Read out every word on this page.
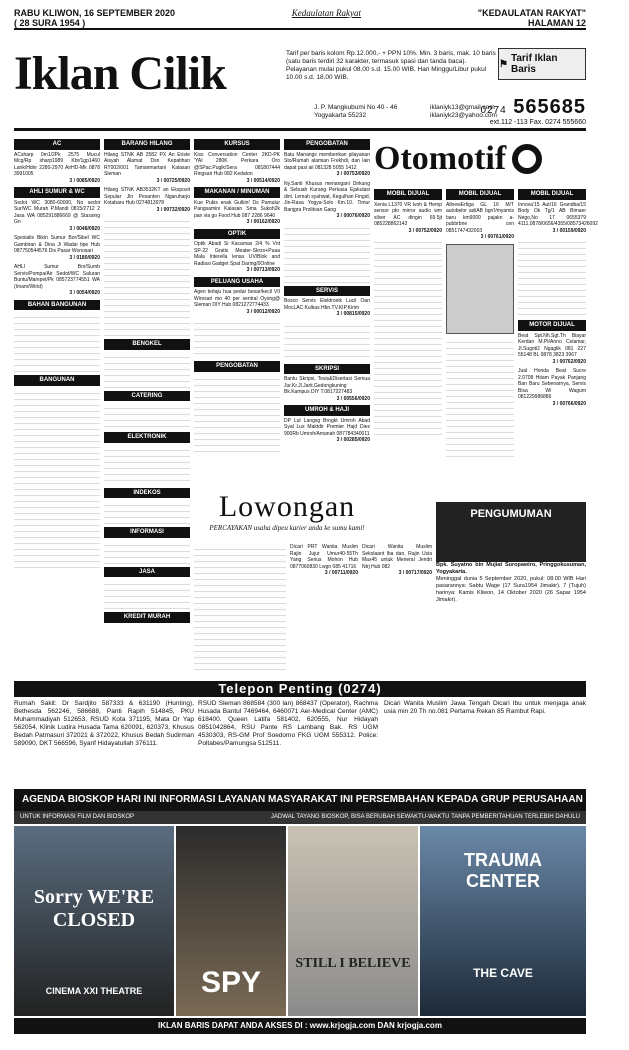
RABU KLIWON, 16 SEPTEMBER 2020
( 28 SURA 1954 )
Kedaulatan Rakyat	"KEDAULATAN RAKYAT"
HALAMAN 12
Iklan Cilik	Tarif per baris kolom Rp.12.000,- + PPN 10%. Min. 3 baris, mak. 10 baris (satu baris terdiri 32 karakter, termasuk spasi dan tanda baca). Pelayanan mulai pukul 08.00 s.d. 15.00 WIB. Hari Minggu/Libur pukul 10.00 s.d. 18.00 WIB.
⚑ Tarif Iklan Baris
J. P. Mangkubumi No 40 - 46
Yogyakarta 55232
iklaniyk13@gmail.com
iklaniyk23@yahoo.com
0274 565685
ext.112 -113 Fax. 0274 555660
AC
ACsharp 0m1/2Pk 2575 Mucul Mcg/Rp sharp1989 Kbr/1gp1460 Lank/Hdnr 2280-2970 AirHD-Mk 0878 3991005
3 / 0085/0920
AHLI SUMUR & WC
Sedot WC 3080-60000, No sedot Sur/WC Murah P.Mandi 0815/2712 2 Jasa WA 085291886669 @ Stassing Gn
3 / 0048/0920
Spesialis Bikin Sumur Bor/Sibel WC Gambiran & Dina Ji Wadai tipe Hub 087750544576 Dis Pasar Wonosari
3 / 0180/0920
AHLI Sumur Bor/Sumb Servis/Pompa/Air Sedot/WC Saluran Buntu/Mampet/Pk 085723774551 WA (Imam/Wirid)
3 / 0054/0920
BAHAN BANGUNAN
BANGUNAN
BARANG HILANG
Hilang STNK AB 2582 PX An Eriste Aisyah Alamat Dsn Kepatihan RT002/001 Tamanmartani Kalasan Sleman
3 / 00725/0920
Hilang STNK AB3532KT an Eksposit Sepular Jln Pesanten Ngaruharjo Kotabaru Hub 0274813978
3 / 00732/0920
BENGKEL
CATERING
ELEKTRONIK
INDEKOS
INFORMASI
JASA
KREDIT MURAH
KURSUS
Kiss Conversation Center 2KD-PK 'YAI 280K Perkara Oro @SPac.Pugik/Sera 081807444 Ringsari Hub 082 Kedaton
3 / 00514/0920
MAKANAN / MINUMAN
Kue Pukis enak Gulkin! Ds Pamulur Pangsamini Kalasan Sma Sukoh2k pan via go Food Hub 087 2286 9640
3 / 00162/0920
OPTIK
Optik Abadi Si Kacamas 2/4 % Vnt SP-22 Gratis Meater-Skrzo+Puaa Mala Interella lensa UV/Blok and Radiasi Gadget Spat Daring/0Online
3 / 00713/0920
PELUANG USAHA
Agen terlaju hua pedar besar/kecil VII Wirosari mo 40 per sentral Oyong@ Sleman DIY Hub 0821272774433
3 / 00012/0920
PENGOBATAN
PENGOBATAN
Batu Manangs memberikan pilayanan Sto/Rumah alamian Frekhdi, dan lain dapat pasi ail 081328 5055 1412
3 / 00753/0920
Ny.Santi Khusus menangani Dirkung & Sebuah Kurang Perkasa Ejakulasi dini. Lemah syahwat, Kegulhan Fingid, Jin-Rasa Yogya-Solo Km.10. Timur Banjgra Prolitoan Gang
3 / 00076/0920
SERVIS
Bosco Servis Elektronik Lucil Oan MocLAC Kulkas Hbn.TV.KIP.Kirim
3 / 00815/0920
SKRIPSI
Bantu Skripsi, Tesis&Disertasi Semua Jur.Kr.Jl.Jarit,Gedongkuning Bk.Kampus DIY T.0817227483
3 / 00556/0920
UMROH & HAJI
DP Lut Langsg Brngkt Umroh Abad Syal Lux Maktdir Premier Hajd Diex 900Rb Umroh/Amanah 087784340011
3 / 00285/0920
Otomotif
MOBIL DIJUAL
Xenia L1370 VR Ivoh & Hemp sensor pkr mirror audio wm silver AC dingin 69.5jt 085228862142
3 / 00752/0920
MOBIL DIJUAL
AllnewErtiga GL 16 M/T autobelor asliAB bgn'l/myamis baru km9000 pajakn a-pubbrbne cen 0851747432003
3 / 00761/0920
MOBIL DIJUAL
Innova'15 Aut/16 Grandba/15 Body Ok Tg/1 AB Bimaer Nego,No 17 0655379 4111,0878/0656/4355/08573426092
3 / 00159/0920
MOTOR DIJUAL
Beat Spt.Nh.Sgt.Th Biayar Kerdan M.Pt/Anno Celamar, Jl.Sugoti2 Ngaglik 081 227 55148 BL 0878 3823 3967
3 / 00762/0920
Jual Honda Beat Sucre 2.0708 Hitam Payak Panjang Ban Baru Sebenarnya, Servis Bisa Wi Wagum 081229986886
3 / 00766/0920
Lowongan
PERCAYAKAN usaha dipeu karier anda ke sumu kami!
Dicari PRT Wanita Muslim Rajin Jujur Umur40-55Th Yang Serius Mohon Hub 0877060830 Lwgn 085 41716
3 / 00711/0920
Dicari Wanita Muslim Sekolaant lba dan, Rajin Usia Max45 untuk Meneral Jendri Ntrj Hub 082
3 / 00717/0920
PENGUMUMAN
Bpk. Suyatno bin Mujiat Suropawiro, Pringgokusuman, Yogyakarta.
Meninggal dunia 5 September 2020, pukul: 08.00 WIB Hari pasarannya: Sabtu Wage (17 Sura1954 Jimakir). 7 (Tujuh) harinya: Kamis Kliwon, 14 Oktober 2020 (26 Sapar 1954 Jimakir).
Telepon Penting (0274)
Rumah Sakit: Dr Sardjito 587333 & 631190 (Hunting), Bethesda 562246, 586688, Panti Rapih 514845, PKU Muhammadiyah 512653, RSUD Kota 371195, Mata Dr Yap 562054, Klinik Ludira Husada Tama 620091, 620373, Khusus Bedah Patmasuri 372021 & 372022, Khusus Bedah Sudirman 589090, DKT 566596, Syarif Hidayatullah 376111.
RSUD Sleman 868584 (300 lan) 868437 (Operator), Rachma Husada Bantul 7469464, 6460071 Aer-Medical Center (AMC) 618400. Queen Latifa 581402, 620555, Nur Hidayah 0851042864, RSU Pante RS Lambang Bak. RS UGM 4530303, RS-GM Prof Soedomo FKG UGM 555312. Police: Poltabes/Pamungsa 512511.
Dicari Wanita Muslim Jawa Tengah Dicari Ibu untuk menjaga anak usia min 20 Th no.081 Pertama Rekan 85 Rambut Rapi.
AGENDA BIOSKOP HARI INI INFORMASI LAYANAN MASYARAKAT INI PERSEMBAHAN KEPADA GRUP PERUSAHAAN DENGAN
UNTUK INFORMASI FILM DAN BIOSKOP	JADWAL TAYANG BIOSKOP, BISA BERUBAH SEWAKTU-WAKTU TANPA PEMBERITAHUAN TERLEBIH DAHULU
Sorry WE'RE CLOSED
CINEMA XXI THEATRE	SPY
STILL I BELIEVE
TRAUMA CENTER
THE CAVE
IKLAN BARIS DAPAT ANDA AKSES DI : www.krjogja.com DAN krjogja.com
